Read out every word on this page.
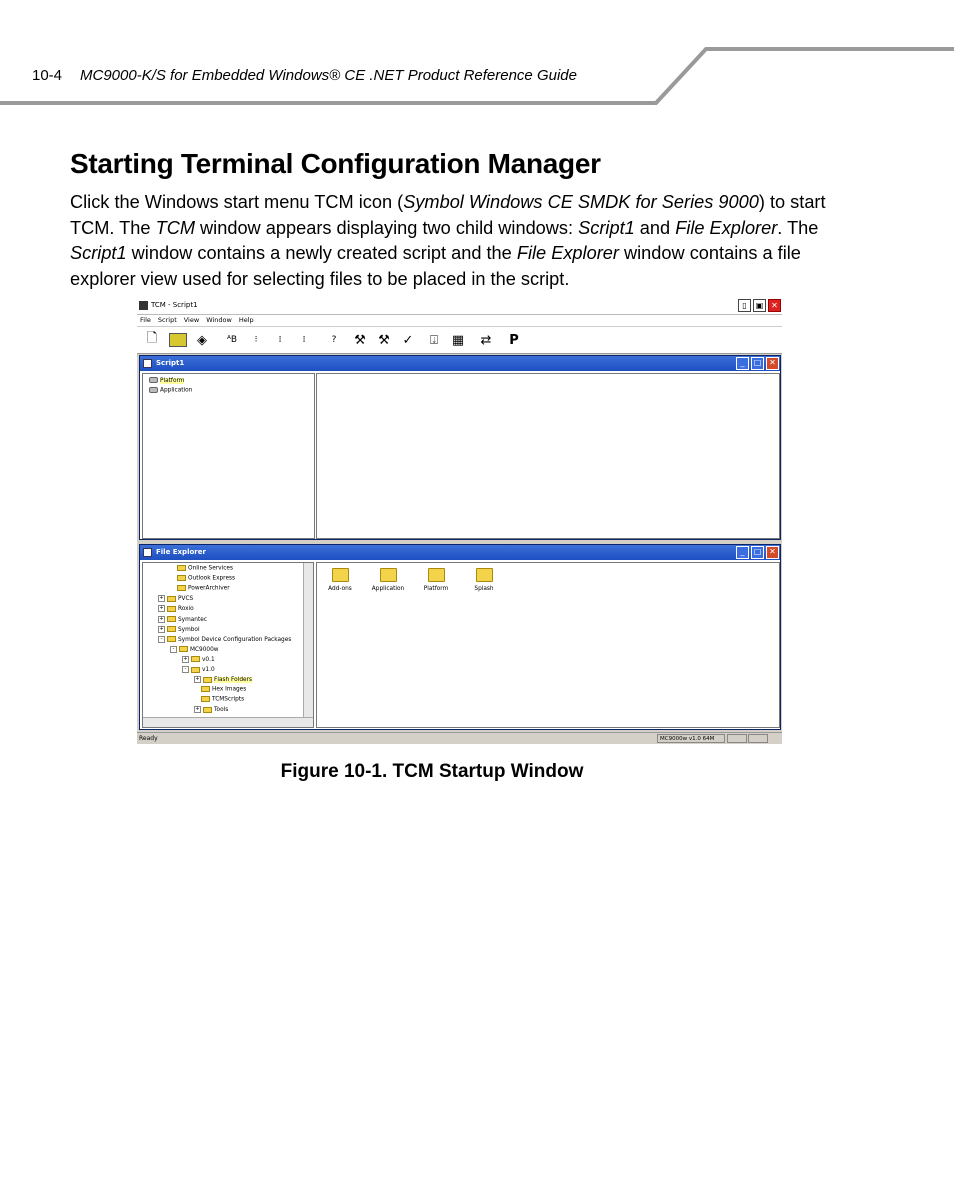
10-4 MC9000-K/S for Embedded Windows® CE .NET Product Reference Guide
Starting Terminal Configuration Manager
Click the Windows start menu TCM icon (Symbol Windows CE SMDK for Series 9000) to start TCM. The TCM window appears displaying two child windows: Script1 and File Explorer. The Script1 window contains a newly created script and the File Explorer window contains a file explorer view used for selecting files to be placed in the script.
TCM - Script1	▯	▣ ✕
File Script View Window Help
🗋	◈	ᴬB	⁝	⁞	⁞	?	⚒ ⚒ ✓	⍗	▦ ⇄	P
Script1	_	□ ✕
Platform
Application
File Explorer	_	□ ✕
Online Services
Outlook Express
PowerArchiver
+ PVCS
+ Roxio
+ Symantec
+ Symbol
-	Symbol Device Configuration Packages
-	MC9000w
+ v0.1
-	v1.0
+ Flash Folders
Hex Images
TCMScripts
+ Tools
Add-ons	Application	Platform	Splash
Ready	MC9000w v1.0 64M
Figure 10-1. TCM Startup Window
